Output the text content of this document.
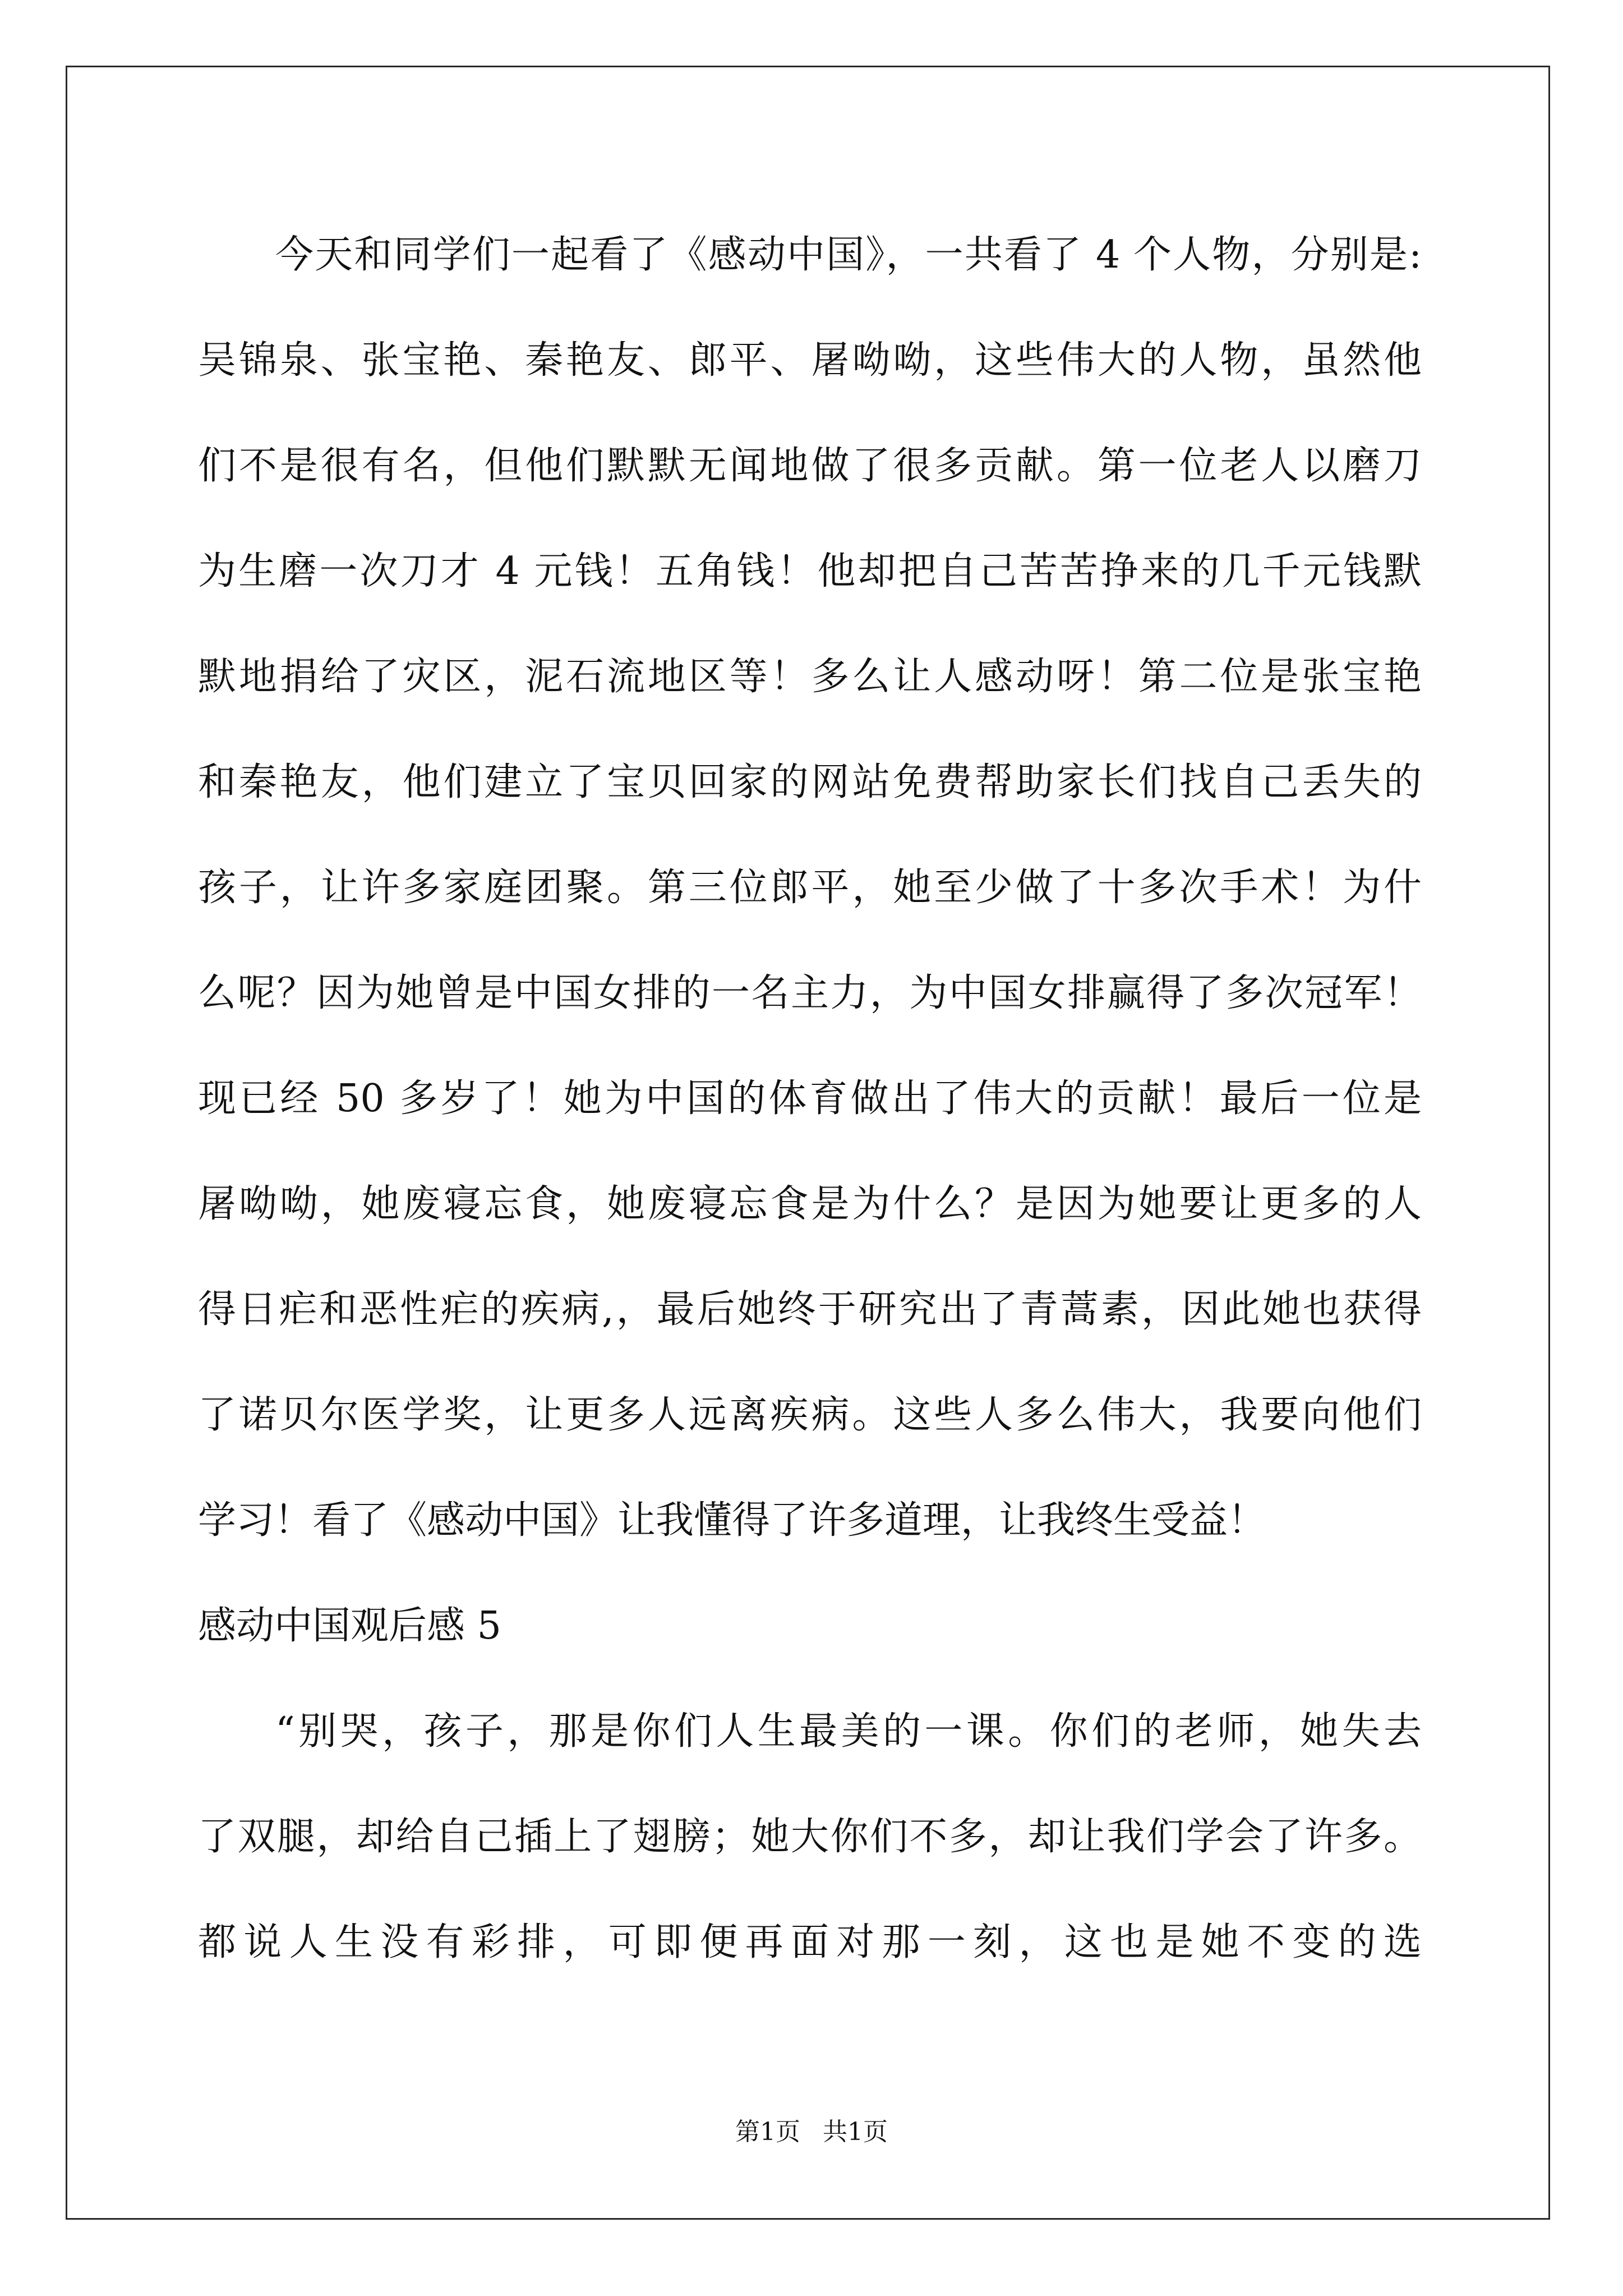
今天和同学们一起看了《感动中国》，一共看了 4 个人物，分别是:
吴锦泉、张宝艳、秦艳友、郎平、屠呦呦，这些伟大的人物，虽然他
们不是很有名，但他们默默无闻地做了很多贡献。第一位老人以磨刀
为生磨一次刀才 4 元钱！五角钱！他却把自己苦苦挣来的几千元钱默
默地捐给了灾区，泥石流地区等！多么让人感动呀！第二位是张宝艳
和秦艳友，他们建立了宝贝回家的网站免费帮助家长们找自己丢失的
孩子，让许多家庭团聚。第三位郎平，她至少做了十多次手术！为什
么呢？因为她曾是中国女排的一名主力，为中国女排赢得了多次冠军！
现已经 50 多岁了！她为中国的体育做出了伟大的贡献！最后一位是
屠呦呦，她废寝忘食，她废寝忘食是为什么？是因为她要让更多的人
得日疟和恶性疟的疾病,，最后她终于研究出了青蒿素，因此她也获得
了诺贝尔医学奖，让更多人远离疾病。这些人多么伟大，我要向他们
学习！看了《感动中国》让我懂得了许多道理，让我终生受益！
感动中国观后感 5
“别哭，孩子，那是你们人生最美的一课。你们的老师，她失去
了双腿，却给自己插上了翅膀；她大你们不多，却让我们学会了许多。
都说人生没有彩排，可即便再面对那一刻，这也是她不变的选
第1页 共1页
